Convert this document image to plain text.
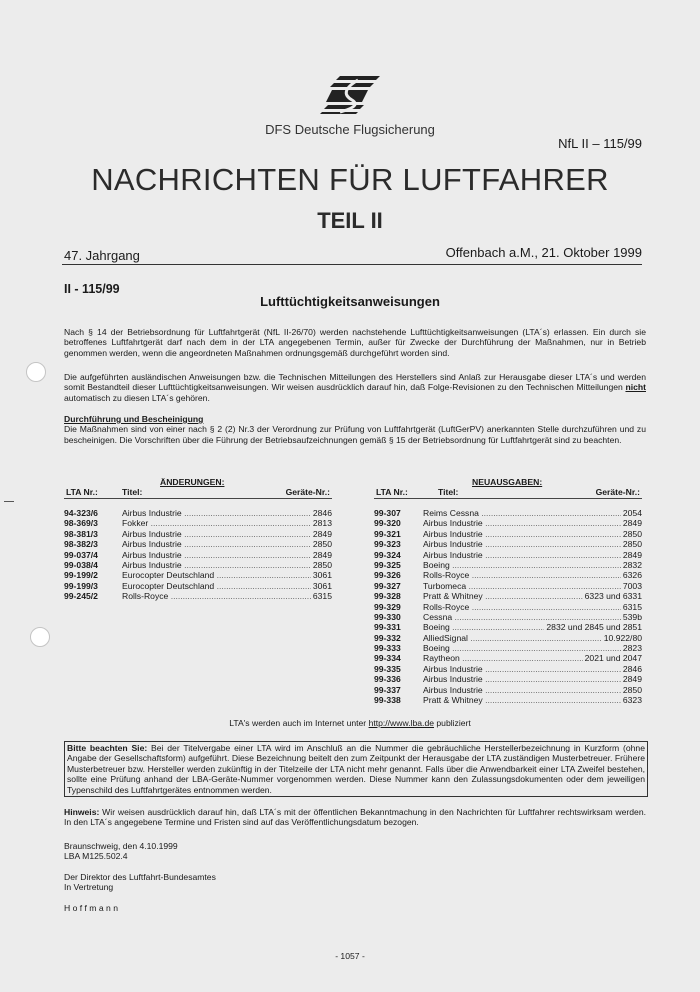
DFS Deutsche Flugsicherung
NfL II – 115/99
NACHRICHTEN FÜR LUFTFAHRER
TEIL II
47. Jahrgang	Offenbach a.M., 21. Oktober 1999
II - 115/99
Lufttüchtigkeitsanweisungen

Nach § 14 der Betriebsordnung für Luftfahrtgerät (NfL II-26/70) werden nachstehende Lufttüchtigkeitsanweisungen (LTA´s) erlassen. Ein durch sie betroffenes Luftfahrtgerät darf nach dem in der LTA angegebenen Termin, außer für Zwecke der Durchführung der Maßnahmen, nur in Betrieb genommen werden, wenn die angeordneten Maßnahmen ordnungsgemäß durchgeführt worden sind.

Die aufgeführten ausländischen Anweisungen bzw. die Technischen Mitteilungen des Herstellers sind Anlaß zur Herausgabe dieser LTA´s und werden somit Bestandteil dieser Lufttüchtigkeitsanweisungen. Wir weisen ausdrücklich darauf hin, daß Folge-Revisionen zu den Technischen Mitteilungen nicht automatisch zu diesen LTA´s gehören.

Durchführung und Bescheinigung

Die Maßnahmen sind von einer nach § 2 (2) Nr.3 der Verordnung zur Prüfung von Luftfahrtgerät (LuftGerPV) anerkannten Stelle durchzuführen und zu bescheinigen. Die Vorschriften über die Führung der Betriebsaufzeichnungen gemäß § 15 der Betriebsordnung für Luftfahrtgerät sind zu beachten.

ÄNDERUNGEN:
LTA Nr.:	Titel:	Geräte-Nr.:
94-323/6	Airbus Industrie .....	2846
98-369/3	Fokker .....	2813
98-381/3	Airbus Industrie .....	2849
98-382/3	Airbus Industrie .....	2850
99-037/4	Airbus Industrie .....	2849
99-038/4	Airbus Industrie .....	2850
99-199/2	Eurocopter Deutschland .....	3061
99-199/3	Eurocopter Deutschland .....	3061
99-245/2	Rolls-Royce .....	6315
NEUAUSGABEN:
LTA Nr.:	Titel:	Geräte-Nr.:
99-307	Reims Cessna .....	2054
99-320	Airbus Industrie .....	2849
99-321	Airbus Industrie .....	2850
99-323	Airbus Industrie .....	2850
99-324	Airbus Industrie .....	2849
99-325	Boeing .....	2832
99-326	Rolls-Royce .....	6326
99-327	Turbomeca .....	7003
99-328	Pratt & Whitney .....	6323 und 6331
99-329	Rolls-Royce .....	6315
99-330	Cessna .....	539b
99-331	Boeing .....	2832 und 2845 und 2851
99-332	AlliedSignal .....	10.922/80
99-333	Boeing .....	2823
99-334	Raytheon .....	2021 und 2047
99-335	Airbus Industrie .....	2846
99-336	Airbus Industrie .....	2849
99-337	Airbus Industrie .....	2850
99-338	Pratt & Whitney .....	6323
LTA's werden auch im Internet unter http://www.lba.de publiziert
Bitte beachten Sie: Bei der Titelvergabe einer LTA wird im Anschluß an die Nummer die gebräuchliche Herstellerbezeichnung in Kurzform (ohne Angabe der Gesellschaftsform) aufgeführt. Diese Bezeichnung beitelt den zum Zeitpunkt der Herausgabe der LTA zuständigen Musterbetreuer. Frühere Musterbetreuer bzw. Hersteller werden zukünftig in der Titelzeile der LTA nicht mehr genannt. Falls über die Anwendbarkeit einer LTA Zweifel bestehen, sollte eine Prüfung anhand der LBA-Geräte-Nummer vorgenommen werden. Diese Nummer kann den Zulassungsdokumenten oder dem jeweiligen Typenschild des Luftfahrtgerätes entnommen werden.

Hinweis: Wir weisen ausdrücklich darauf hin, daß LTA´s mit der öffentlichen Bekanntmachung in den Nachrichten für Luftfahrer rechtswirksam werden. In den LTA´s angegebene Termine und Fristen sind auf das Veröffentlichungsdatum bezogen.

Braunschweig, den 4.10.1999
LBA M125.502.4
Der Direktor des Luftfahrt-Bundesamtes
In Vertretung
H o f f m a n n
- 1057 -
